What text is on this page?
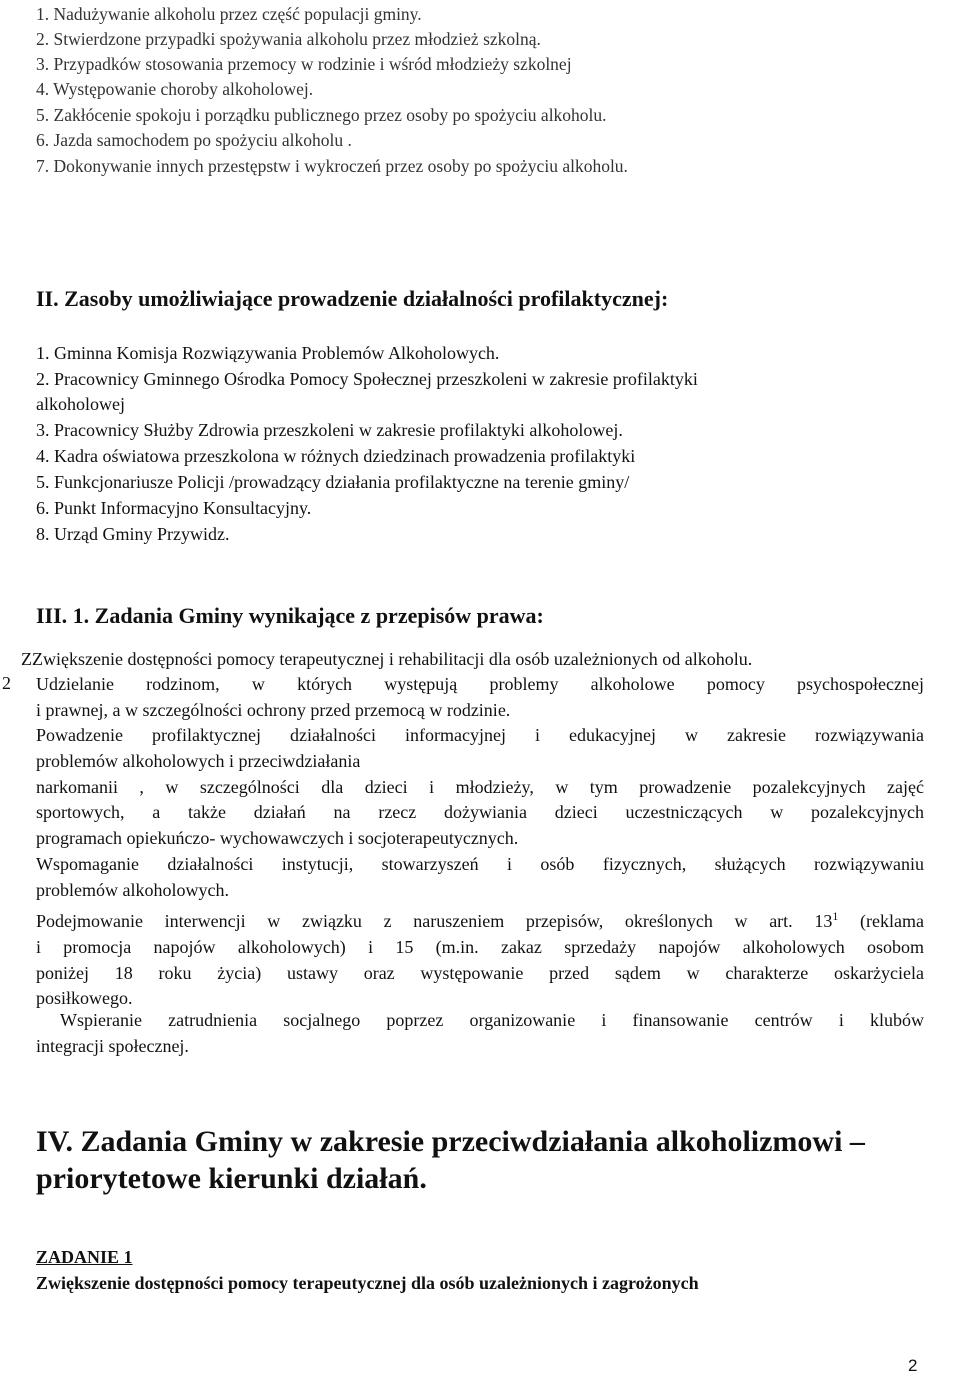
1. Nadużywanie alkoholu przez część populacji gminy.
2. Stwierdzone przypadki spożywania alkoholu przez młodzież szkolną.
3. Przypadków stosowania przemocy w rodzinie i wśród młodzieży szkolnej
4. Występowanie choroby alkoholowej.
5. Zakłócenie spokoju i porządku publicznego przez osoby po spożyciu alkoholu.
6. Jazda samochodem po spożyciu alkoholu .
7. Dokonywanie innych przestępstw i wykroczeń przez osoby po spożyciu alkoholu.
II. Zasoby umożliwiające prowadzenie działalności profilaktycznej:
1. Gminna Komisja Rozwiązywania Problemów Alkoholowych.
2. Pracownicy Gminnego Ośrodka Pomocy Społecznej przeszkoleni w zakresie profilaktyki
alkoholowej
3. Pracownicy Służby Zdrowia przeszkoleni w zakresie profilaktyki alkoholowej.
4. Kadra oświatowa przeszkolona w różnych dziedzinach prowadzenia profilaktyki
5. Funkcjonariusze Policji /prowadzący działania profilaktyczne na terenie gminy/
6. Punkt Informacyjno Konsultacyjny.
8. Urząd Gminy Przywidz.
III. 1. Zadania Gminy wynikające z przepisów prawa:
ZZwiększenie dostępności pomocy terapeutycznej i rehabilitacji dla osób uzależnionych od alkoholu.
2 Udzielanie rodzinom, w których występują problemy alkoholowe pomocy psychospołecznej
i prawnej, a w szczególności ochrony przed przemocą w rodzinie.
Powadzenie profilaktycznej działalności informacyjnej i edukacyjnej w zakresie rozwiązywania
problemów alkoholowych i przeciwdziałania
narkomanii , w szczególności dla dzieci i młodzieży, w tym prowadzenie pozalekcyjnych zajęć
sportowych, a także działań na rzecz dożywiania dzieci uczestniczących w pozalekcyjnych
programach opiekuńczo- wychowawczych i socjoterapeutycznych.
Wspomaganie działalności instytucji, stowarzyszeń i osób fizycznych, służących rozwiązywaniu
problemów alkoholowych.
Podejmowanie interwencji w związku z naruszeniem przepisów, określonych w art. $13^1$ (reklama
i promocja napojów alkoholowych) i 15 (m.in. zakaz sprzedaży napojów alkoholowych osobom
poniżej 18 roku życia) ustawy oraz występowanie przed sądem w charakterze oskarżyciela
posiłkowego.
Wspieranie zatrudnienia socjalnego poprzez organizowanie i finansowanie centrów i klubów
integracji społecznej.
IV. Zadania Gminy w zakresie przeciwdziałania alkoholizmowi –
priorytetowe kierunki działań.
ZADANIE 1
Zwiększenie dostępności pomocy terapeutycznej dla osób uzależnionych i zagrożonych
2
